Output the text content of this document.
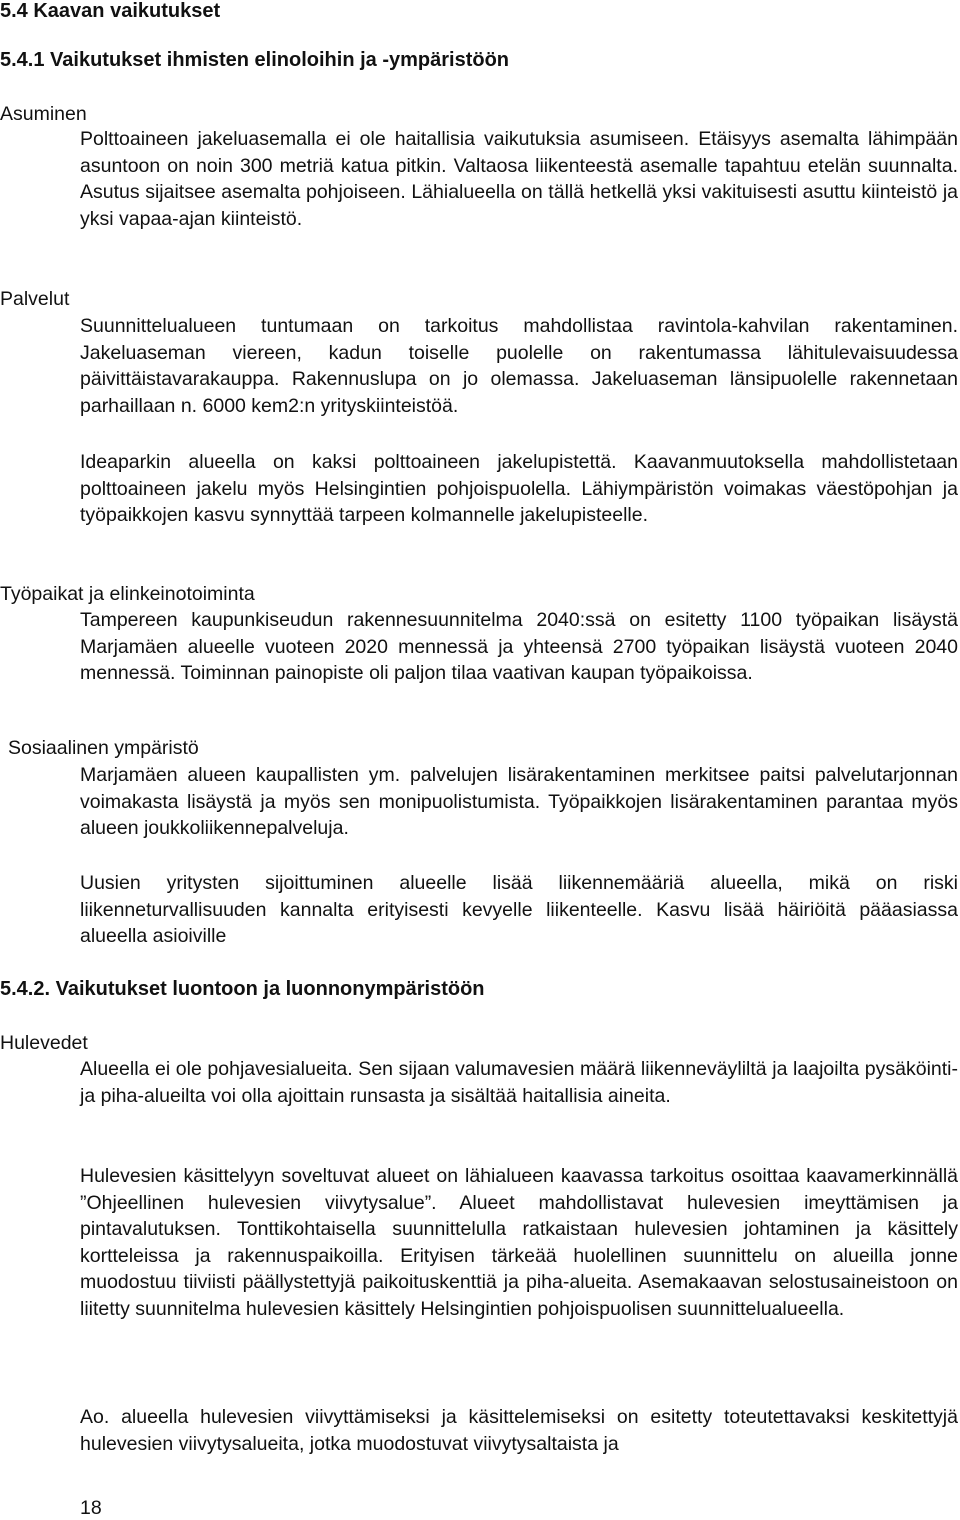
5.4 Kaavan vaikutukset
5.4.1 Vaikutukset ihmisten elinoloihin ja -ympäristöön
Asuminen
Polttoaineen jakeluasemalla ei ole haitallisia vaikutuksia asumiseen. Etäisyys asemalta lähimpään asuntoon on noin 300 metriä katua pitkin. Valtaosa liikenteestä asemalle tapahtuu etelän suunnalta. Asutus sijaitsee asemalta pohjoiseen. Lähialueella on tällä hetkellä yksi vakituisesti asuttu kiinteistö ja yksi vapaa-ajan kiinteistö.
Palvelut
Suunnittelualueen tuntumaan on tarkoitus mahdollistaa ravintola-kahvilan rakentaminen. Jakeluaseman viereen, kadun toiselle puolelle on rakentumassa lähitulevaisuudessa päivittäistavarakauppa. Rakennuslupa on jo olemassa. Jakeluaseman länsipuolelle rakennetaan parhaillaan n. 6000 kem2:n yrityskiinteistöä.
Ideaparkin alueella on kaksi polttoaineen jakelupistettä. Kaavanmuutoksella mahdollistetaan polttoaineen jakelu myös Helsingintien pohjoispuolella. Lähiympäristön voimakas väestöpohjan ja työpaikkojen kasvu synnyttää tarpeen kolmannelle jakelupisteelle.
Työpaikat ja elinkeinotoiminta
Tampereen kaupunkiseudun rakennesuunnitelma 2040:ssä on esitetty 1100 työpaikan lisäystä Marjamäen alueelle vuoteen 2020 mennessä ja yhteensä 2700 työpaikan lisäystä vuoteen 2040 mennessä. Toiminnan painopiste oli paljon tilaa vaativan kaupan työpaikoissa.
Sosiaalinen ympäristö
Marjamäen alueen kaupallisten ym. palvelujen lisärakentaminen merkitsee paitsi palvelutarjonnan voimakasta lisäystä ja myös sen monipuolistumista. Työpaikkojen lisärakentaminen parantaa myös alueen joukkoliikennepalveluja.
Uusien yritysten sijoittuminen alueelle lisää liikennemääriä alueella, mikä on riski liikenneturvallisuuden kannalta erityisesti kevyelle liikenteelle. Kasvu lisää häiriöitä pääasiassa alueella asioiville
5.4.2. Vaikutukset luontoon ja luonnonympäristöön
Hulevedet
Alueella ei ole pohjavesialueita. Sen sijaan valumavesien määrä liikenneväyliltä ja laajoilta pysäköinti- ja piha-alueilta voi olla ajoittain runsasta ja sisältää haitallisia aineita.
Hulevesien käsittelyyn soveltuvat alueet on lähialueen kaavassa tarkoitus osoittaa kaavamerkinnällä ”Ohjeellinen hulevesien viivytysalue”. Alueet mahdollistavat hulevesien imeyttämisen ja pintavalutuksen. Tonttikohtaisella suunnittelulla ratkaistaan hulevesien johtaminen ja käsittely kortteleissa ja rakennuspaikoilla. Erityisen tärkeää huolellinen suunnittelu on alueilla jonne muodostuu tiiviisti päällystettyjä paikoituskenttiä ja piha-alueita. Asemakaavan selostusaineistoon on liitetty suunnitelma hulevesien käsittely Helsingintien pohjoispuolisen suunnittelualueella.
Ao. alueella hulevesien viivyttämiseksi ja käsittelemiseksi on esitetty toteutettavaksi keskitettyjä hulevesien viivytysalueita, jotka muodostuvat viivytysaltaista ja
18
